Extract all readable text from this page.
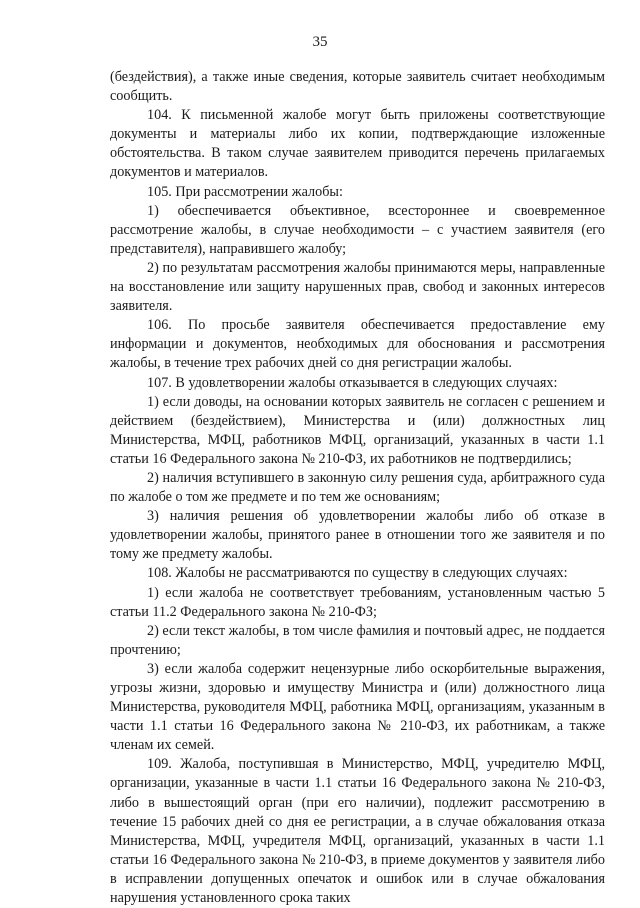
35

(бездействия), а также иные сведения, которые заявитель считает необходимым сообщить.

104. К письменной жалобе могут быть приложены соответствующие документы и материалы либо их копии, подтверждающие изложенные обстоятельства. В таком случае заявителем приводится перечень прилагаемых документов и материалов.

105. При рассмотрении жалобы:

1) обеспечивается объективное, всестороннее и своевременное рассмотрение жалобы, в случае необходимости – с участием заявителя (его представителя), направившего жалобу;

2) по результатам рассмотрения жалобы принимаются меры, направленные на восстановление или защиту нарушенных прав, свобод и законных интересов заявителя.

106. По просьбе заявителя обеспечивается предоставление ему информации и документов, необходимых для обоснования и рассмотрения жалобы, в течение трех рабочих дней со дня регистрации жалобы.

107. В удовлетворении жалобы отказывается в следующих случаях:

1) если доводы, на основании которых заявитель не согласен с решением и действием (бездействием), Министерства и (или) должностных лиц Министерства, МФЦ, работников МФЦ, организаций, указанных в части 1.1 статьи 16 Федерального закона № 210-ФЗ, их работников не подтвердились;

2) наличия вступившего в законную силу решения суда, арбитражного суда по жалобе о том же предмете и по тем же основаниям;

3) наличия решения об удовлетворении жалобы либо об отказе в удовлетворении жалобы, принятого ранее в отношении того же заявителя и по тому же предмету жалобы.

108. Жалобы не рассматриваются по существу в следующих случаях:

1) если жалоба не соответствует требованиям, установленным частью 5 статьи 11.2 Федерального закона № 210-ФЗ;

2) если текст жалобы, в том числе фамилия и почтовый адрес, не поддается прочтению;

3) если жалоба содержит нецензурные либо оскорбительные выражения, угрозы жизни, здоровью и имуществу Министра и (или) должностного лица Министерства, руководителя МФЦ, работника МФЦ, организациям, указанным в части 1.1 статьи 16 Федерального закона № 210-ФЗ, их работникам, а также членам их семей.

109. Жалоба, поступившая в Министерство, МФЦ, учредителю МФЦ, организации, указанные в части 1.1 статьи 16 Федерального закона № 210-ФЗ, либо в вышестоящий орган (при его наличии), подлежит рассмотрению в течение 15 рабочих дней со дня ее регистрации, а в случае обжалования отказа Министерства, МФЦ, учредителя МФЦ, организаций, указанных в части 1.1 статьи 16 Федерального закона № 210-ФЗ, в приеме документов у заявителя либо в исправлении допущенных опечаток и ошибок или в случае обжалования нарушения установленного срока таких
